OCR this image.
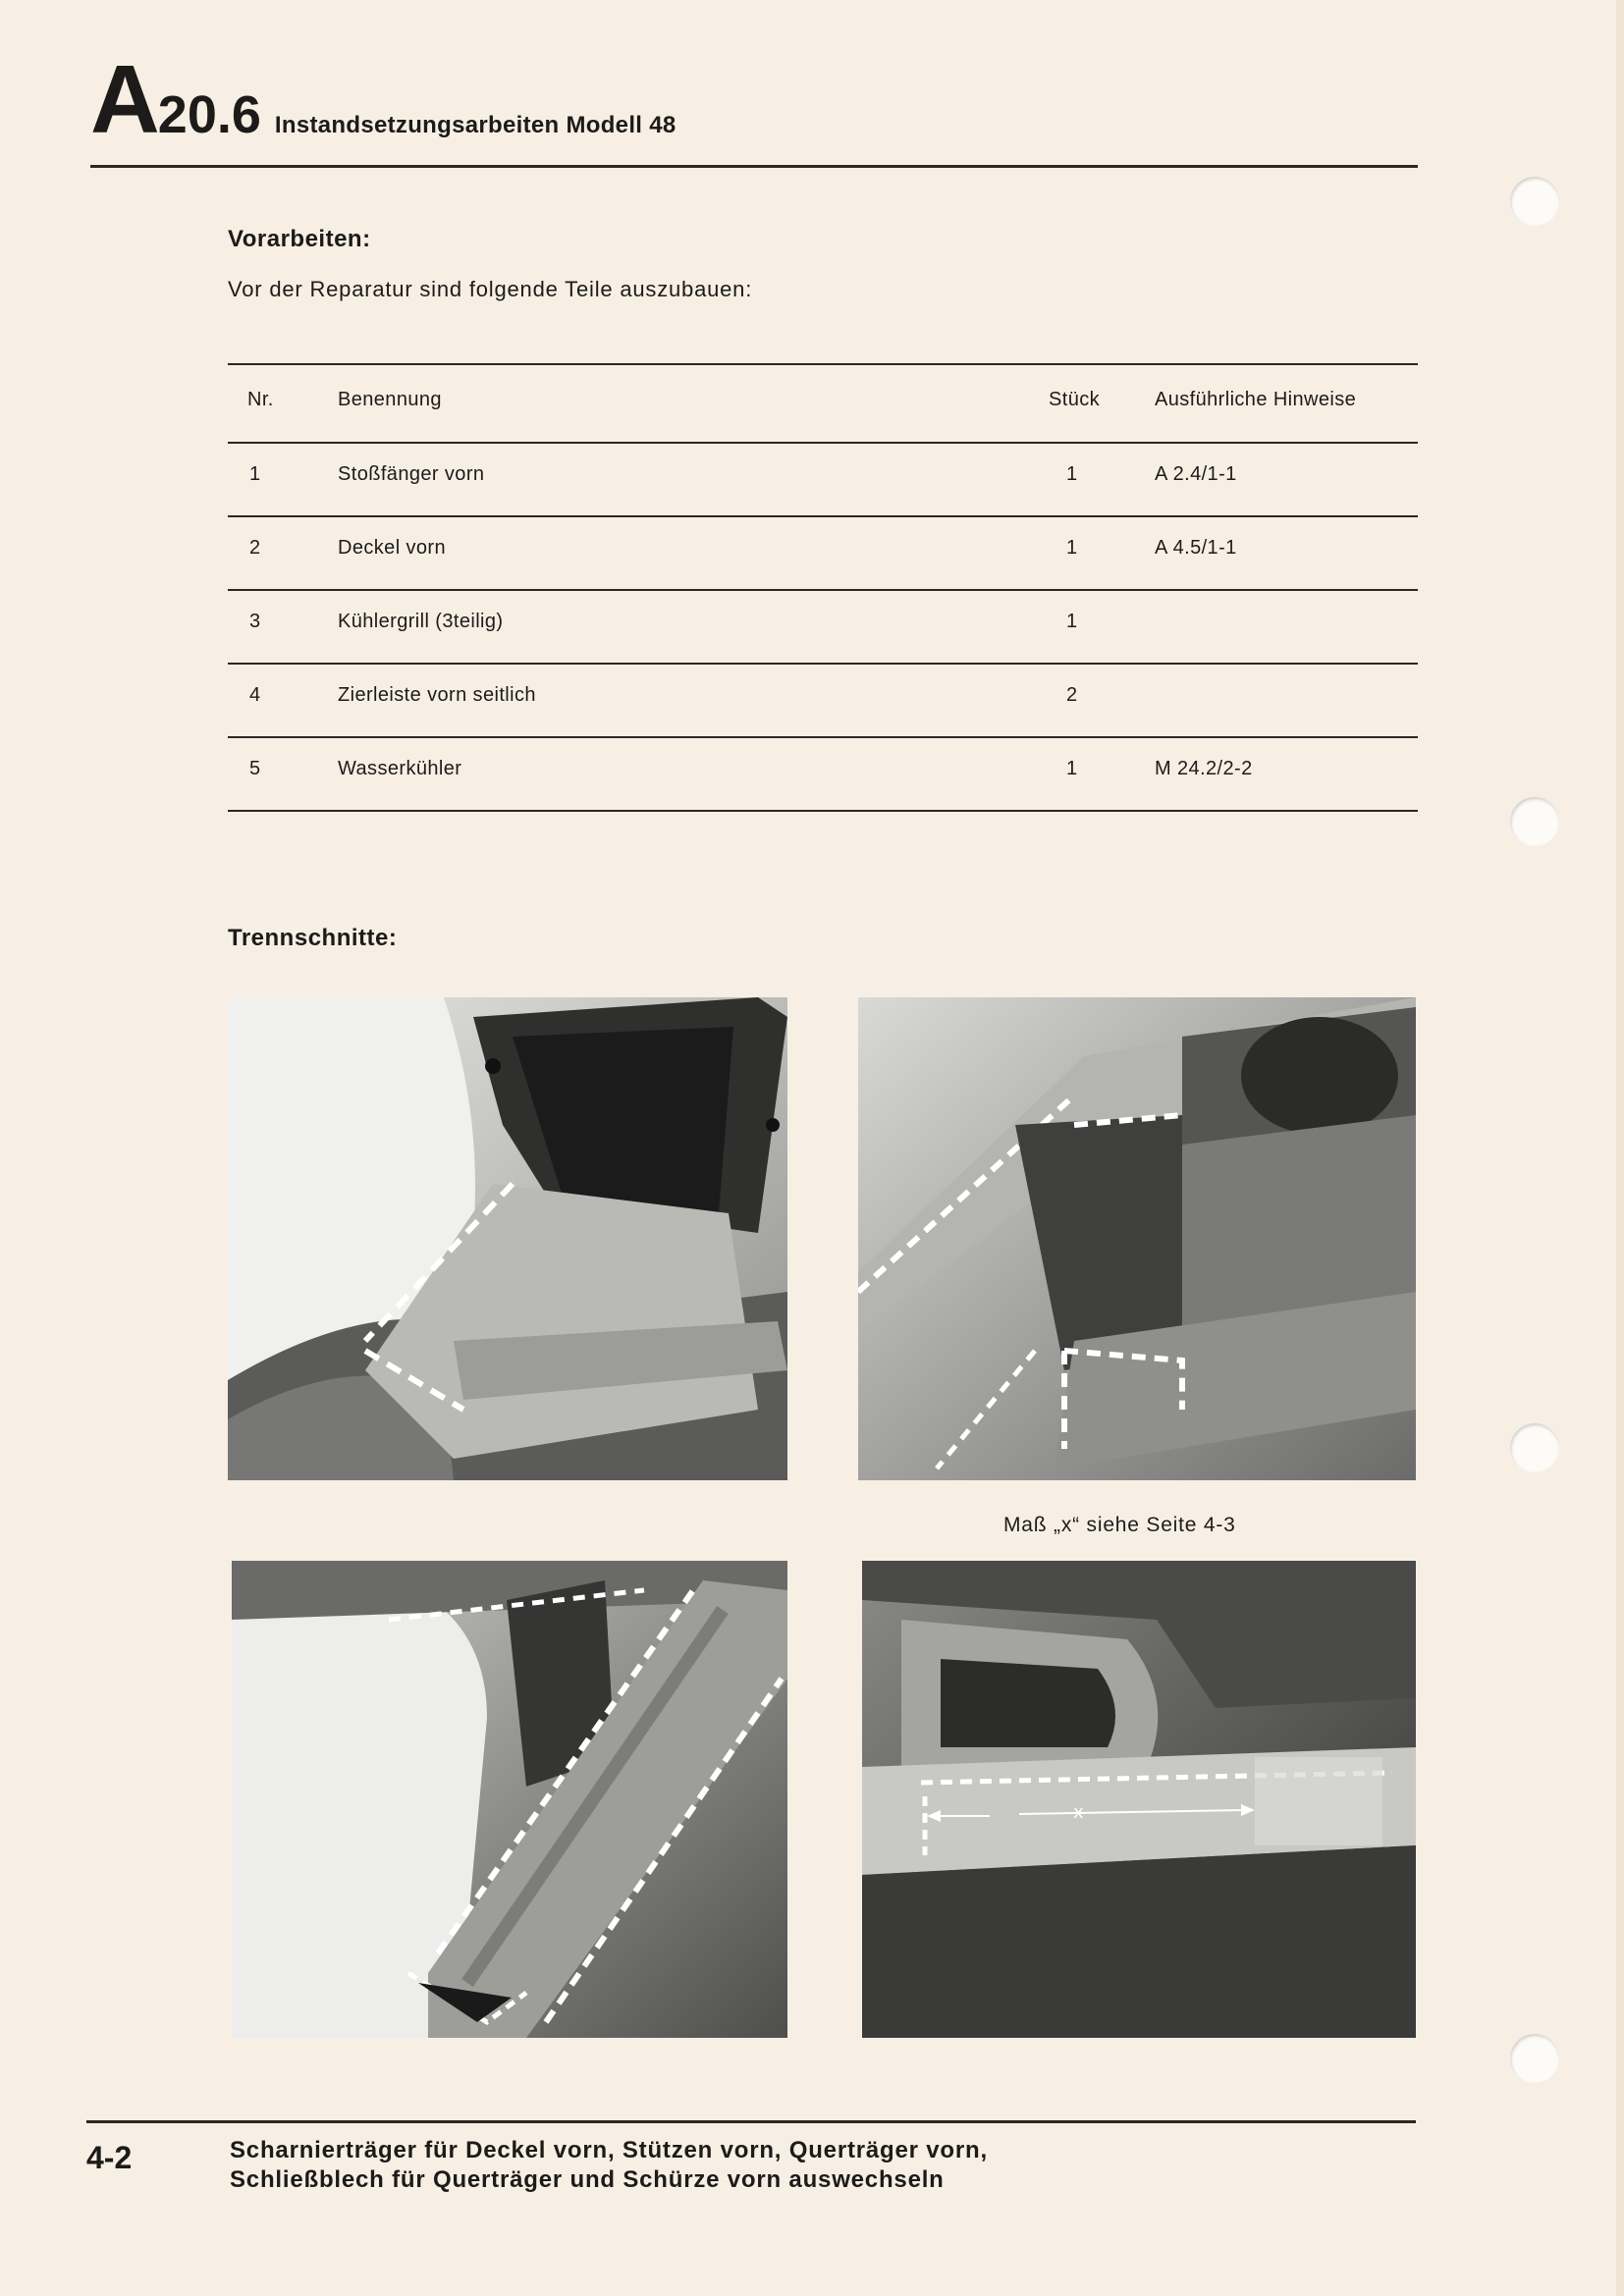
A 20.6 Instandsetzungsarbeiten Modell 48
Vorarbeiten:
Vor der Reparatur sind folgende Teile auszubauen:
Nr.	Benennung	Stück	Ausführliche Hinweise
1	Stoßfänger vorn	1	A 2.4/1-1
2	Deckel vorn	1	A 4.5/1-1
3	Kühlergrill (3teilig)	1
4	Zierleiste vorn seitlich	2
5	Wasserkühler	1	M 24.2/2-2
Trennschnitte:
Maß „x“ siehe Seite 4-3
x
4-2	Scharnierträger für Deckel vorn, Stützen vorn, Querträger vorn,
Schließblech für Querträger und Schürze vorn auswechseln
